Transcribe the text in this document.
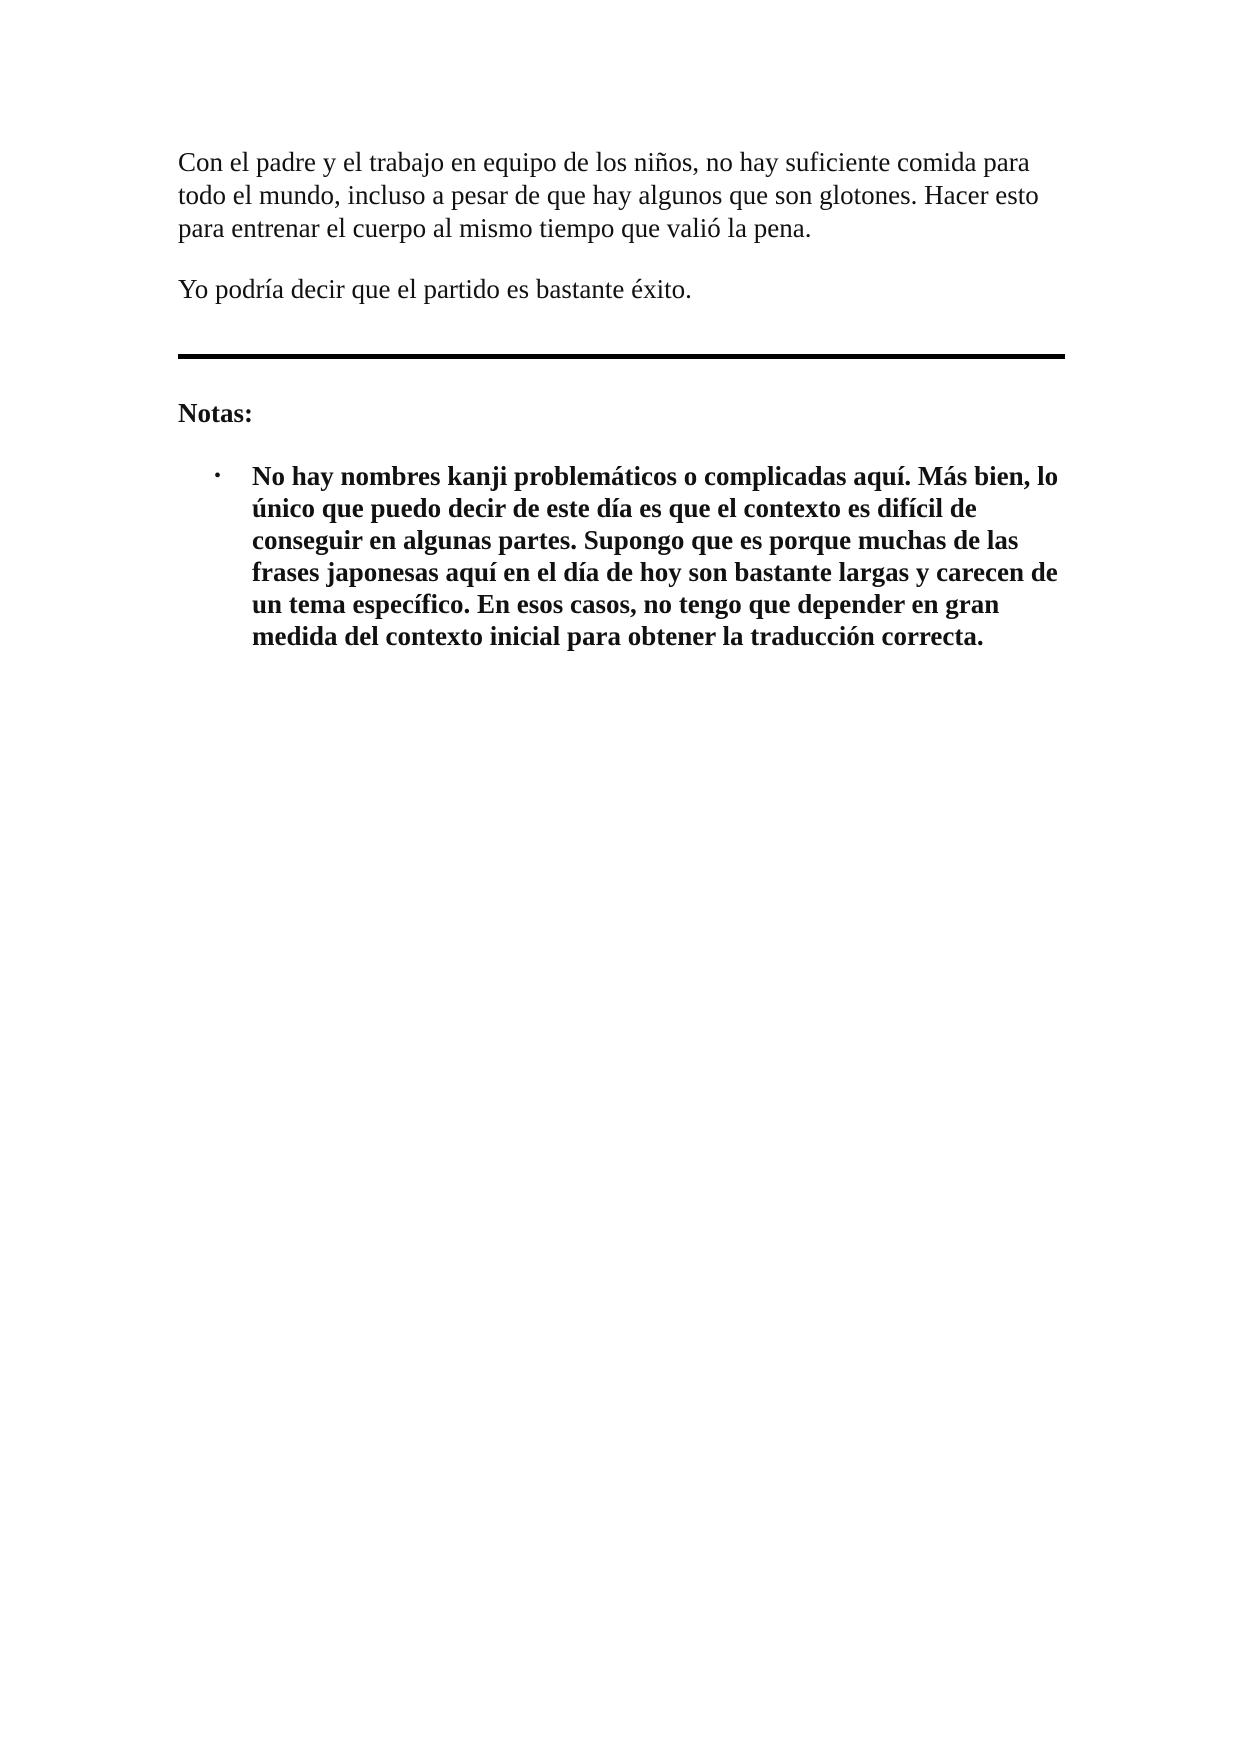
Con el padre y el trabajo en equipo de los niños, no hay suficiente comida para todo el mundo, incluso a pesar de que hay algunos que son glotones. Hacer esto para entrenar el cuerpo al mismo tiempo que valió la pena.

Yo podría decir que el partido es bastante éxito.

Notas:

• No hay nombres kanji problemáticos o complicadas aquí. Más bien, lo único que puedo decir de este día es que el contexto es difícil de conseguir en algunas partes. Supongo que es porque muchas de las frases japonesas aquí en el día de hoy son bastante largas y carecen de un tema específico. En esos casos, no tengo que depender en gran medida del contexto inicial para obtener la traducción correcta.
